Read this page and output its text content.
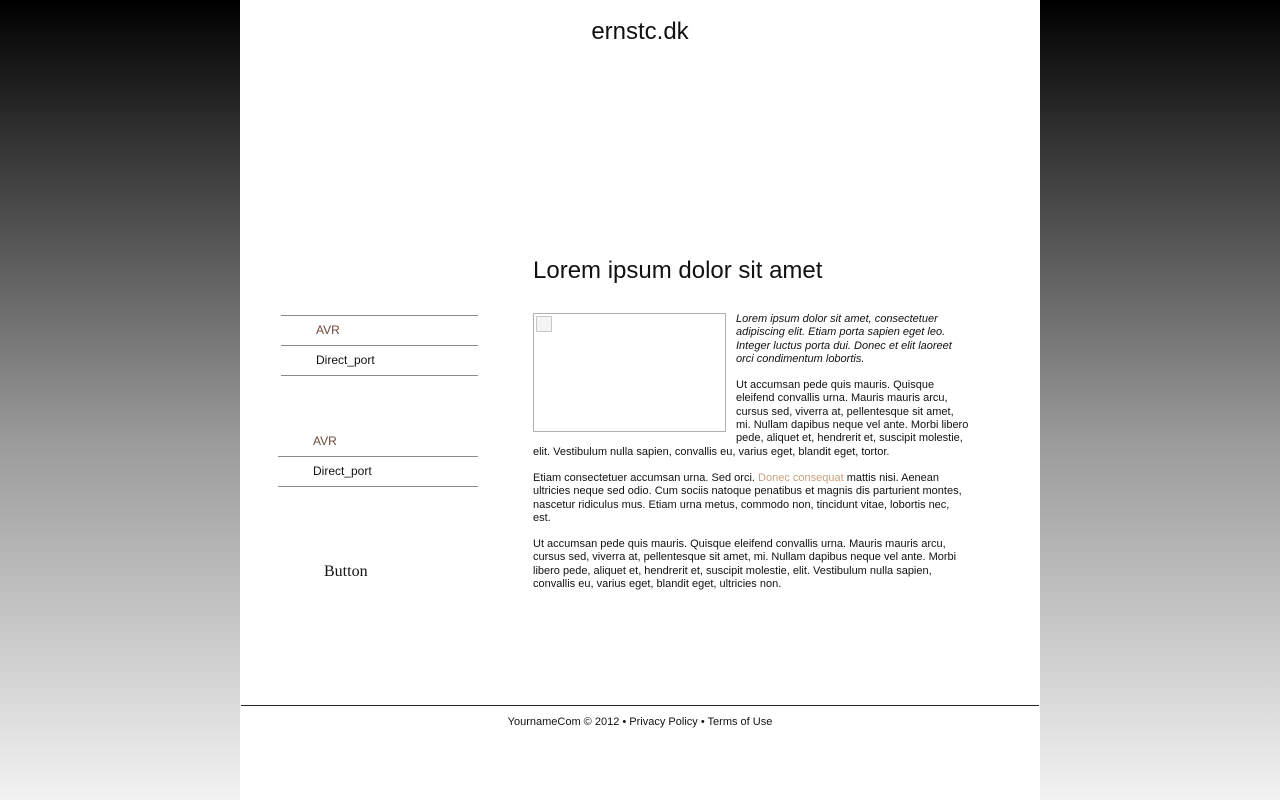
ernstc.dk
AVR
Direct_port
AVR
Direct_port
Button
Lorem ipsum dolor sit amet

Lorem ipsum dolor sit amet, consectetuer adipiscing elit. Etiam porta sapien eget leo. Integer luctus porta dui. Donec et elit laoreet orci condimentum lobortis.

Ut accumsan pede quis mauris. Quisque eleifend convallis urna. Mauris mauris arcu, cursus sed, viverra at, pellentesque sit amet, mi. Nullam dapibus neque vel ante. Morbi libero pede, aliquet et, hendrerit et, suscipit molestie, elit. Vestibulum nulla sapien, convallis eu, varius eget, blandit eget, tortor.

Etiam consectetuer accumsan urna. Sed orci. Donec consequat mattis nisi. Aenean ultricies neque sed odio. Cum sociis natoque penatibus et magnis dis parturient montes, nascetur ridiculus mus. Etiam urna metus, commodo non, tincidunt vitae, lobortis nec, est.

Ut accumsan pede quis mauris. Quisque eleifend convallis urna. Mauris mauris arcu, cursus sed, viverra at, pellentesque sit amet, mi. Nullam dapibus neque vel ante. Morbi libero pede, aliquet et, hendrerit et, suscipit molestie, elit. Vestibulum nulla sapien, convallis eu, varius eget, blandit eget, ultricies non.

YournameCom © 2012 • Privacy Policy • Terms of Use
